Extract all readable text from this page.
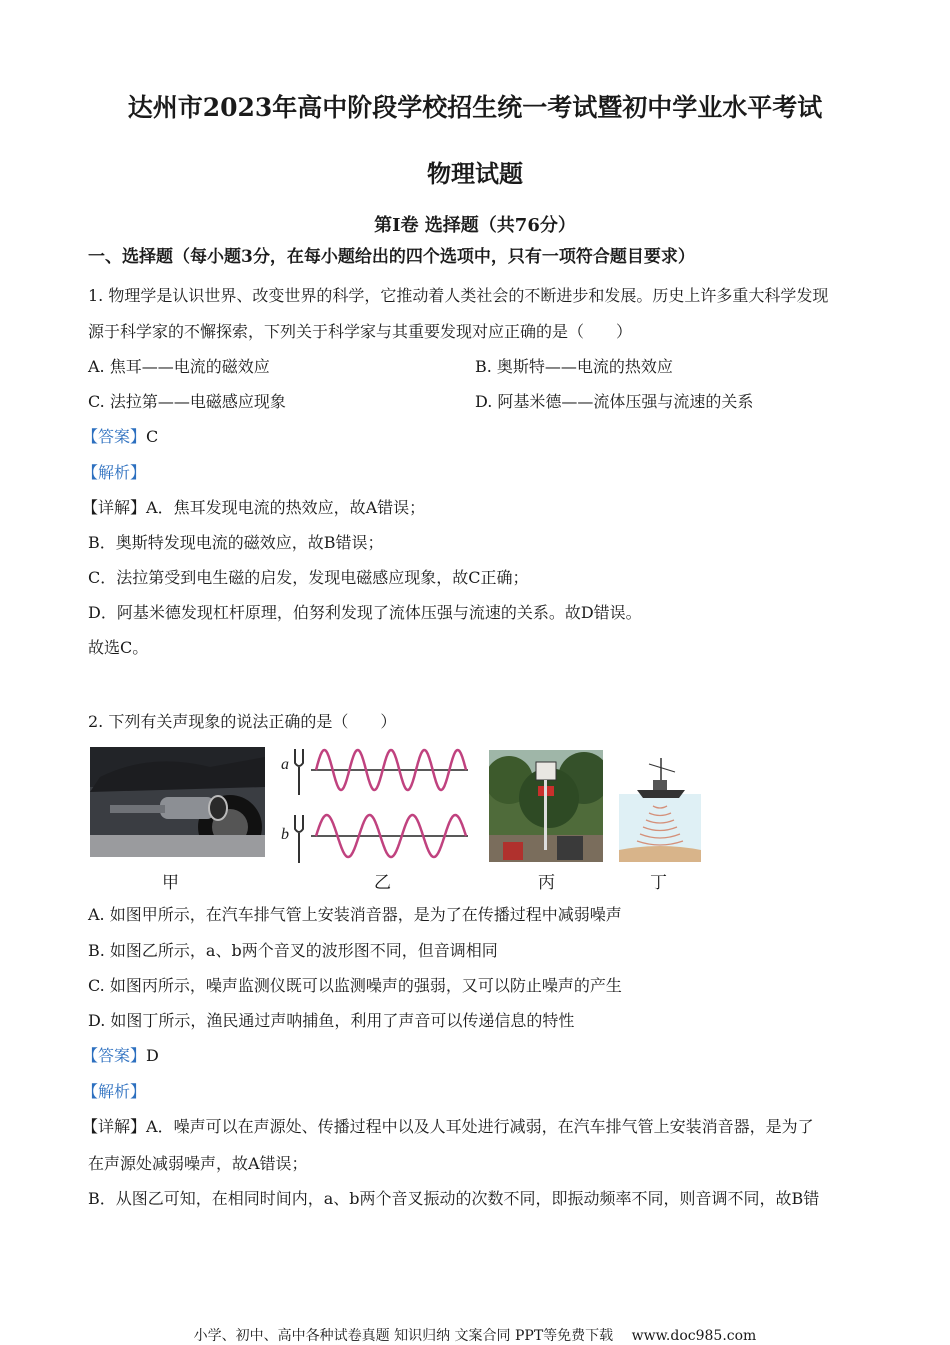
达州市2023年高中阶段学校招生统一考试暨初中学业水平考试
物理试题
第Ⅰ卷 选择题（共76分）
一、选择题（每小题3分，在每小题给出的四个选项中，只有一项符合题目要求）
1. 物理学是认识世界、改变世界的科学，它推动着人类社会的不断进步和发展。历史上许多重大科学发现
源于科学家的不懈探索，下列关于科学家与其重要发现对应正确的是（　　）
A. 焦耳——电流的磁效应	B. 奥斯特——电流的热效应
C. 法拉第——电磁感应现象	D. 阿基米德——流体压强与流速的关系
【答案】C
【解析】
【详解】A．焦耳发现电流的热效应，故A错误；
B．奥斯特发现电流的磁效应，故B错误；
C．法拉第受到电生磁的启发，发现电磁感应现象，故C正确；
D．阿基米德发现杠杆原理，伯努利发现了流体压强与流速的关系。故D错误。
故选C。
2. 下列有关声现象的说法正确的是（　　）
甲
a
b
乙	丙	丁
A. 如图甲所示，在汽车排气管上安装消音器，是为了在传播过程中减弱噪声
B. 如图乙所示，a、b两个音叉的波形图不同，但音调相同
C. 如图丙所示，噪声监测仪既可以监测噪声的强弱，又可以防止噪声的产生
D. 如图丁所示，渔民通过声呐捕鱼，利用了声音可以传递信息的特性
【答案】D
【解析】
【详解】A．噪声可以在声源处、传播过程中以及人耳处进行减弱，在汽车排气管上安装消音器，是为了
在声源处减弱噪声，故A错误；
B．从图乙可知，在相同时间内，a、b两个音叉振动的次数不同，即振动频率不同，则音调不同，故B错
小学、初中、高中各种试卷真题 知识归纳 文案合同 PPT等免费下载　 www.doc985.com
